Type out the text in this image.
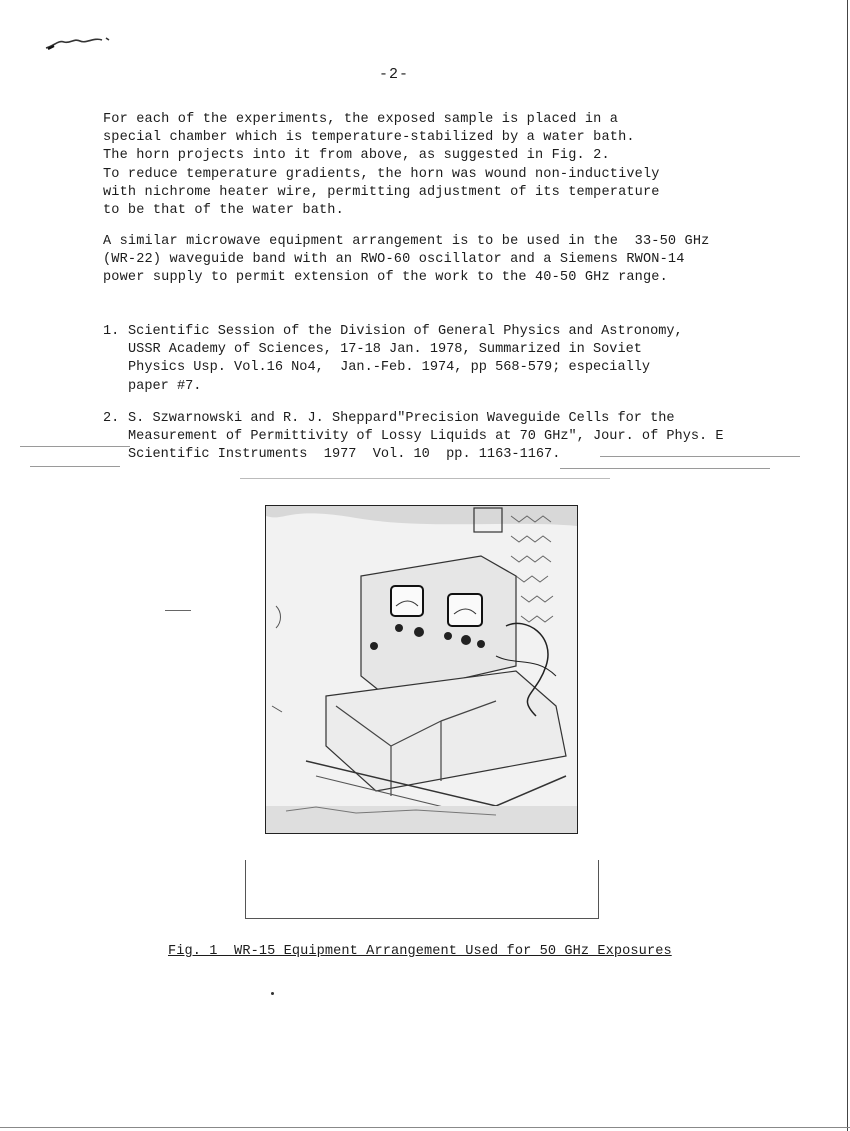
-2-

For each of the experiments, the exposed sample is placed in a
special chamber which is temperature-stabilized by a water bath.
The horn projects into it from above, as suggested in Fig. 2.
To reduce temperature gradients, the horn was wound non-inductively
with nichrome heater wire, permitting adjustment of its temperature
to be that of the water bath.

A similar microwave equipment arrangement is to be used in the  33-50 GHz
(WR-22) waveguide band with an RWO-60 oscillator and a Siemens RWON-14
power supply to permit extension of the work to the 40-50 GHz range.

1. Scientific Session of the Division of General Physics and Astronomy,
USSR Academy of Sciences, 17-18 Jan. 1978, Summarized in Soviet
Physics Usp. Vol.16 No4,  Jan.-Feb. 1974, pp 568-579; especially
paper #7.
2. S. Szwarnowski and R. J. Sheppard"Precision Waveguide Cells for the
Measurement of Permittivity of Lossy Liquids at 70 GHz", Jour. of Phys. E
Scientific Instruments  1977  Vol. 10  pp. 1163-1167.
Fig. 1  WR-15 Equipment Arrangement Used for 50 GHz Exposures
